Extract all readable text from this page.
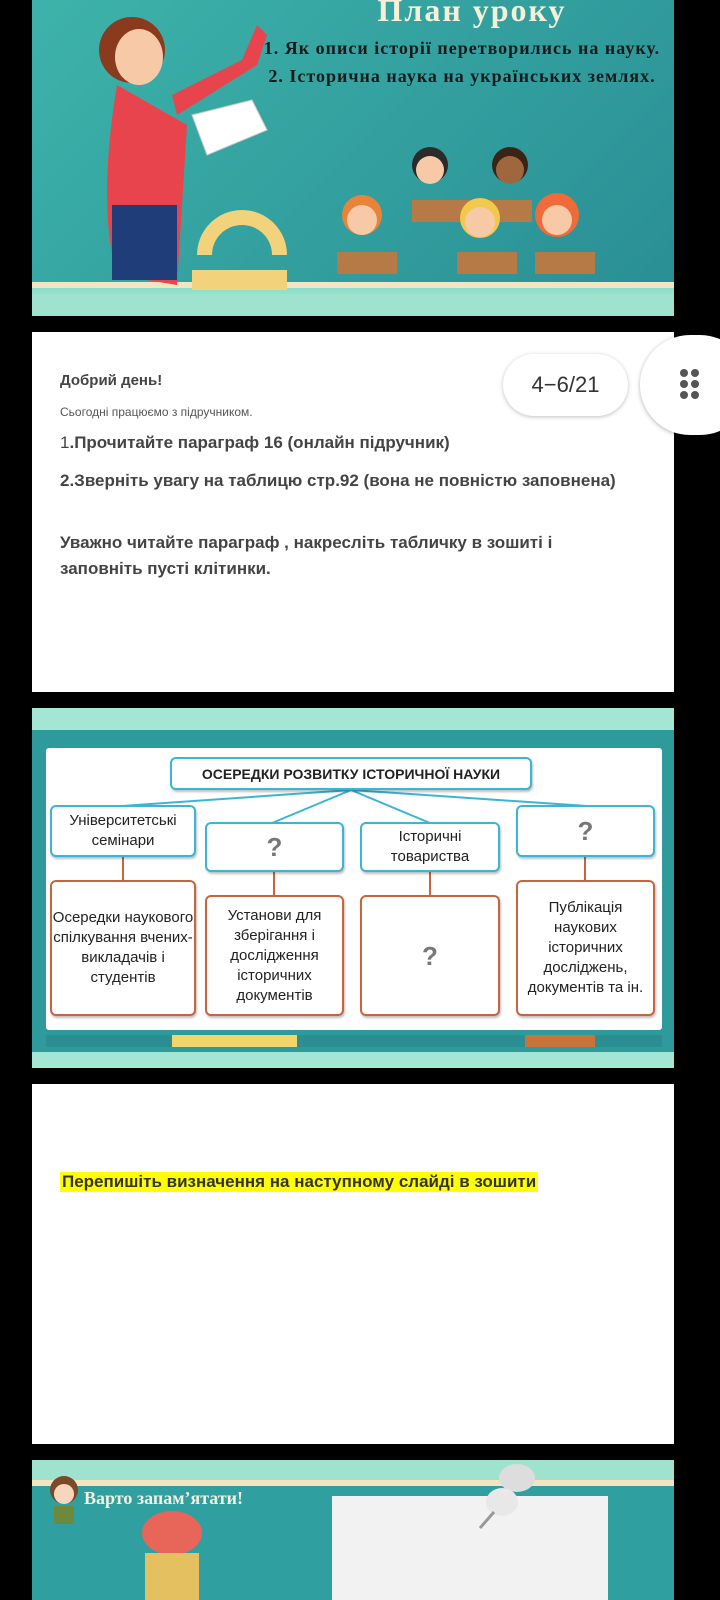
План уроку
1. Як описи історії перетворились на науку.
2. Історична наука на українських землях.
Добрий день!
Сьогодні працюємо з підручником.
1.Прочитайте параграф 16 (онлайн підручник)
2.Зверніть увагу на таблицю стр.92 (вона не повністю заповнена)
Уважно читайте параграф , накресліть табличку в зошиті і заповніть пусті клітинки.
4−6/21
ОСЕРЕДКИ РОЗВИТКУ ІСТОРИЧНОЇ НАУКИ
Університетські семінари	?	Історичні товариства
?
Осередки наукового спілкування вчених-викладачів і студентів
Установи для зберігання і дослідження історичних документів
?
Публікація наукових історичних досліджень, документів та ін.
Перепишіть визначення на наступному слайді в зошити
Варто запам’ятати!
